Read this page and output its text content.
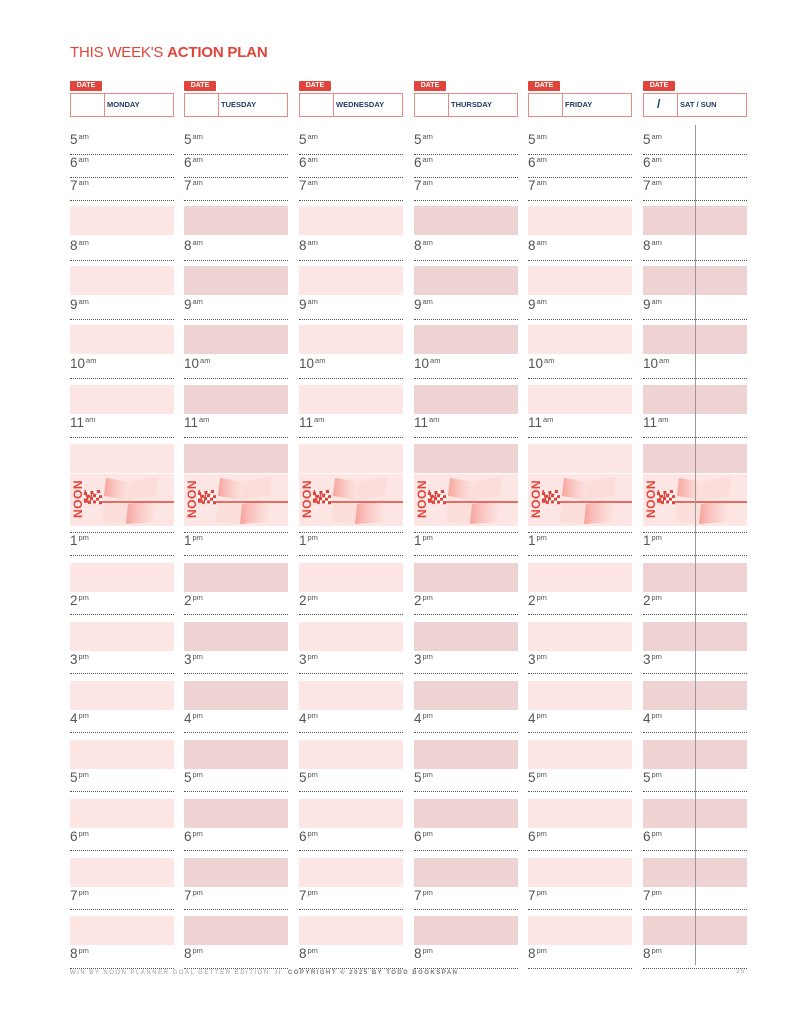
THIS WEEK'S ACTION PLAN
DATE
MONDAY
$5^{am}$
$6^{am}$
$7^{am}$
$8^{am}$
$9^{am}$
$10^{am}$
$11^{am}$
NOON
$1^{pm}$
$2^{pm}$
$3^{pm}$
$4^{pm}$
$5^{pm}$
$6^{pm}$
$7^{pm}$
$8^{pm}$
DATE
TUESDAY
$5^{am}$
$6^{am}$
$7^{am}$
$8^{am}$
$9^{am}$
$10^{am}$
$11^{am}$
NOON
$1^{pm}$
$2^{pm}$
$3^{pm}$
$4^{pm}$
$5^{pm}$
$6^{pm}$
$7^{pm}$
$8^{pm}$
DATE
WEDNESDAY
$5^{am}$
$6^{am}$
$7^{am}$
$8^{am}$
$9^{am}$
$10^{am}$
$11^{am}$
NOON
$1^{pm}$
$2^{pm}$
$3^{pm}$
$4^{pm}$
$5^{pm}$
$6^{pm}$
$7^{pm}$
$8^{pm}$
DATE
THURSDAY
$5^{am}$
$6^{am}$
$7^{am}$
$8^{am}$
$9^{am}$
$10^{am}$
$11^{am}$
NOON
$1^{pm}$
$2^{pm}$
$3^{pm}$
$4^{pm}$
$5^{pm}$
$6^{pm}$
$7^{pm}$
$8^{pm}$
DATE
FRIDAY
$5^{am}$
$6^{am}$
$7^{am}$
$8^{am}$
$9^{am}$
$10^{am}$
$11^{am}$
NOON
$1^{pm}$
$2^{pm}$
$3^{pm}$
$4^{pm}$
$5^{pm}$
$6^{pm}$
$7^{pm}$
$8^{pm}$
DATE
/	SAT / SUN
$5^{am}$
$6^{am}$
$7^{am}$
$8^{am}$
$9^{am}$
$10^{am}$
$11^{am}$
NOON
$1^{pm}$
$2^{pm}$
$3^{pm}$
$4^{pm}$
$5^{pm}$
$6^{pm}$
$7^{pm}$
$8^{pm}$
WIN BY NOON PLANNER GOAL GETTER EDITION // COPYRIGHT © 2025 BY TODD BOOKSPAN	25
